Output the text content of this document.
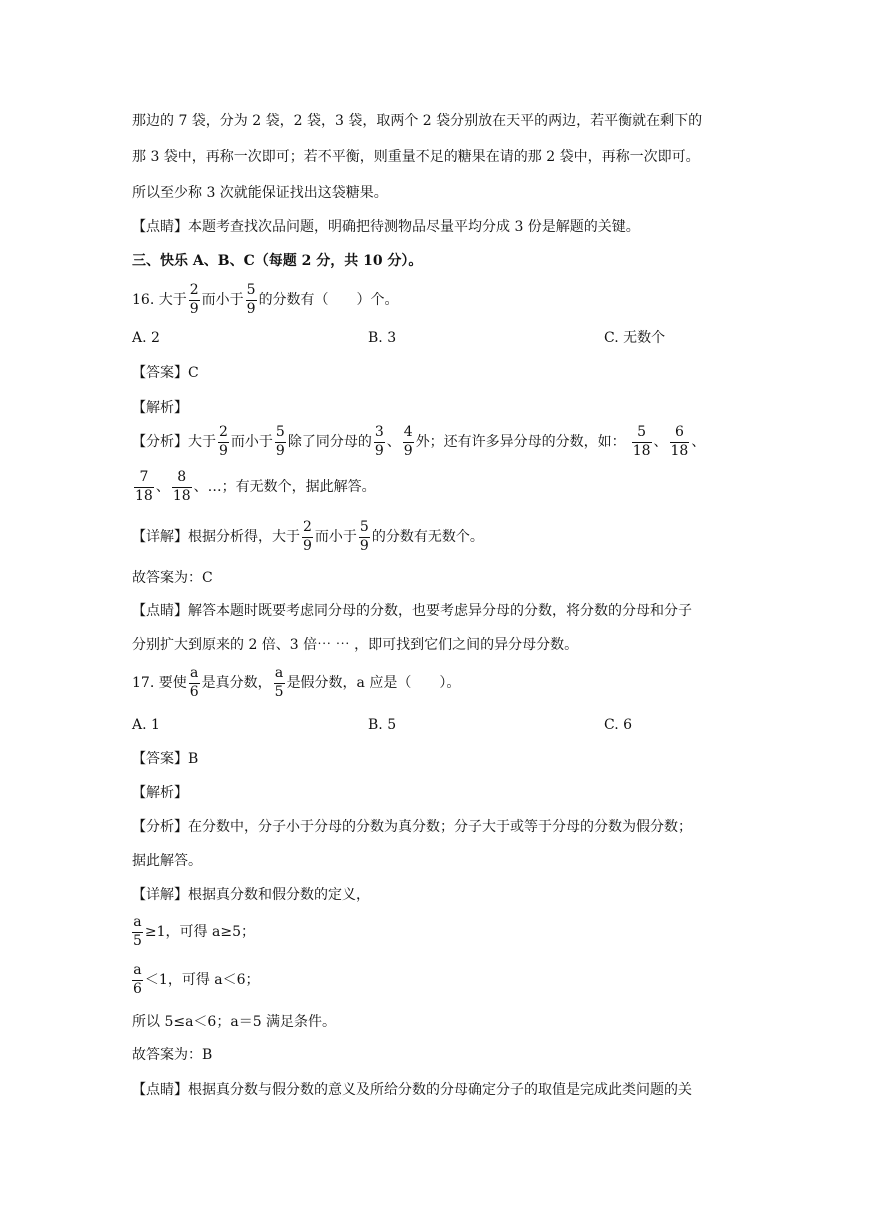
那边的 7 袋，分为 2 袋，2 袋，3 袋，取两个 2 袋分别放在天平的两边，若平衡就在剩下的
那 3 袋中，再称一次即可；若不平衡，则重量不足的糖果在请的那 2 袋中，再称一次即可。
所以至少称 3 次就能保证找出这袋糖果。
【点睛】本题考查找次品问题，明确把待测物品尽量平均分成 3 份是解题的关键。
三、快乐 A、B、C（每题 2 分，共 10 分）。
16. 大于 $\frac{2}{9}$ 而小于 $\frac{5}{9}$ 的分数有（　　）个。
A. 2	B. 3	C. 无数个
【答案】C
【解析】
【分析】大于 $\frac{2}{9}$ 而小于 $\frac{5}{9}$ 除了同分母的 $\frac{3}{9}$ 、 $\frac{4}{9}$ 外；还有许多异分母的分数，如： $\frac{5}{18}$ 、 $\frac{6}{18}$ 、
$\frac{7}{18}$ 、 $\frac{8}{18}$ 、…；有无数个，据此解答。
【详解】根据分析得，大于 $\frac{2}{9}$ 而小于 $\frac{5}{9}$ 的分数有无数个。
故答案为：C
【点睛】解答本题时既要考虑同分母的分数，也要考虑异分母的分数，将分数的分母和分子
分别扩大到原来的 2 倍、3 倍⋯ ⋯ ，即可找到它们之间的异分母分数。
17. 要使 $\frac{a}{6}$ 是真分数， $\frac{a}{5}$ 是假分数，a 应是（　　）。
A. 1	B. 5	C. 6
【答案】B
【解析】
【分析】在分数中，分子小于分母的分数为真分数；分子大于或等于分母的分数为假分数；
据此解答。
【详解】根据真分数和假分数的定义，
$\frac{a}{5} \ge 1$，可得 a≥5；
$\frac{a}{6} <1$，可得 a＜6；
所以 5≤a＜6；a＝5 满足条件。
故答案为：B
【点睛】根据真分数与假分数的意义及所给分数的分母确定分子的取值是完成此类问题的关
